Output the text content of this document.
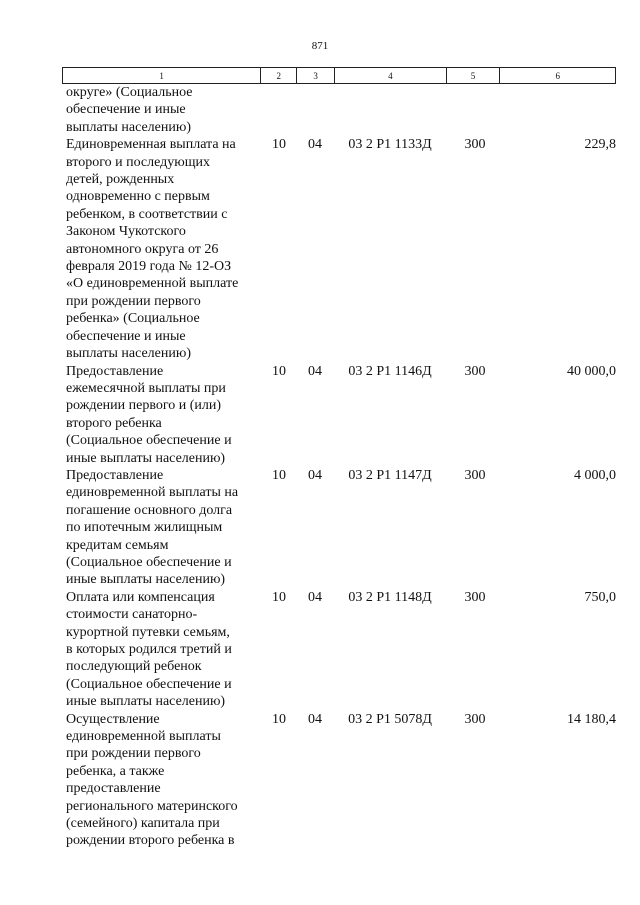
871
1	2	3	4	5	6
округе» (Социальное
обеспечение и иные
выплаты населению)
Единовременная выплата на
второго и последующих
детей, рожденных
одновременно с первым
ребенком, в соответствии с
Законом Чукотского
автономного округа от 26
февраля 2019 года № 12-ОЗ
«О единовременной выплате
при рождении первого
ребенка» (Социальное
обеспечение и иные
выплаты населению)
10	04	03 2 Р1 1133Д	300	229,8
Предоставление
ежемесячной выплаты при
рождении первого и (или)
второго ребенка
(Социальное обеспечение и
иные выплаты населению)
10	04	03 2 Р1 1146Д	300	40 000,0
Предоставление
единовременной выплаты на
погашение основного долга
по ипотечным жилищным
кредитам семьям
(Социальное обеспечение и
иные выплаты населению)
10	04	03 2 Р1 1147Д	300	4 000,0
Оплата или компенсация
стоимости санаторно-
курортной путевки семьям,
в которых родился третий и
последующий ребенок
(Социальное обеспечение и
иные выплаты населению)
10	04	03 2 Р1 1148Д	300	750,0
Осуществление
единовременной выплаты
при рождении первого
ребенка, а также
предоставление
регионального материнского
(семейного) капитала при
рождении второго ребенка в
10	04	03 2 Р1 5078Д	300	14 180,4
